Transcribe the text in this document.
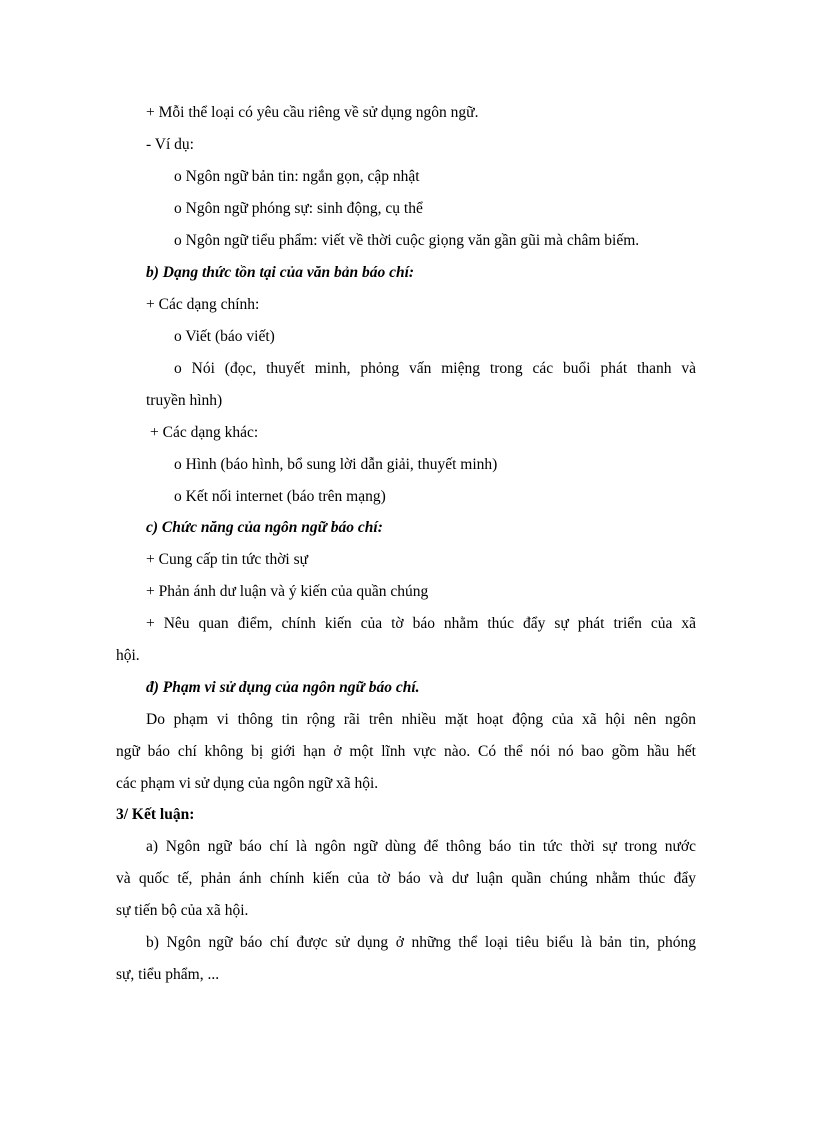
+ Mỗi thể loại có yêu cầu riêng về sử dụng ngôn ngữ.
- Ví dụ:
o Ngôn ngữ bản tin: ngắn gọn, cập nhật
o Ngôn ngữ phóng sự: sinh động, cụ thể
o Ngôn ngữ tiểu phẩm: viết về thời cuộc giọng văn gần gũi mà châm biếm.
b) Dạng thức tồn tại của văn bản báo chí:
+ Các dạng chính:
o Viết (báo viết)
o Nói (đọc, thuyết minh, phỏng vấn miệng trong các buổi phát thanh và
truyền hình)
+ Các dạng khác:
o Hình (báo hình, bổ sung lời dẫn giải, thuyết minh)
o Kết nối internet (báo trên mạng)
c) Chức năng của ngôn ngữ báo chí:
+ Cung cấp tin tức thời sự
+ Phản ánh dư luận và ý kiến của quần chúng
+ Nêu quan điểm, chính kiến của tờ báo nhằm thúc đẩy sự phát triển của xã
hội.
đ) Phạm vi sử dụng của ngôn ngữ báo chí.
Do phạm vi thông tin rộng rãi trên nhiều mặt hoạt động của xã hội nên ngôn
ngữ báo chí không bị giới hạn ở một lĩnh vực nào. Có thể nói nó bao gồm hầu hết
các phạm vi sử dụng của ngôn ngữ xã hội.
3/ Kết luận:
a) Ngôn ngữ báo chí là ngôn ngữ dùng để thông báo tin tức thời sự trong nước
và quốc tế, phản ánh chính kiến của tờ báo và dư luận quần chúng nhằm thúc đẩy
sự tiến bộ của xã hội.
b) Ngôn ngữ báo chí được sử dụng ở những thể loại tiêu biểu là bản tin, phóng
sự, tiểu phẩm, ...
